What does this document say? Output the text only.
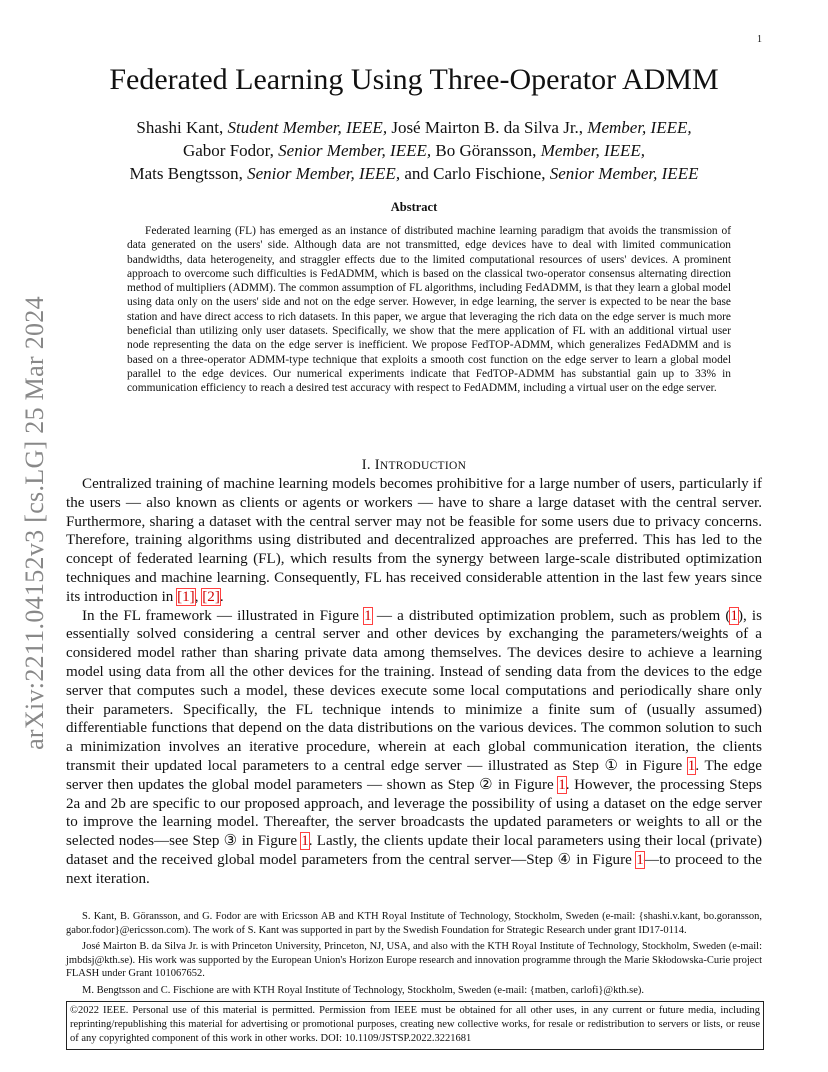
1
arXiv:2211.04152v3 [cs.LG] 25 Mar 2024
Federated Learning Using Three-Operator ADMM
Shashi Kant, Student Member, IEEE, José Mairton B. da Silva Jr., Member, IEEE,
Gabor Fodor, Senior Member, IEEE, Bo Göransson, Member, IEEE,
Mats Bengtsson, Senior Member, IEEE, and Carlo Fischione, Senior Member, IEEE
Abstract

Federated learning (FL) has emerged as an instance of distributed machine learning paradigm that avoids the transmission of data generated on the users' side. Although data are not transmitted, edge devices have to deal with limited communication bandwidths, data heterogeneity, and straggler effects due to the limited computational resources of users' devices. A prominent approach to overcome such difficulties is FedADMM, which is based on the classical two-operator consensus alternating direction method of multipliers (ADMM). The common assumption of FL algorithms, including FedADMM, is that they learn a global model using data only on the users' side and not on the edge server. However, in edge learning, the server is expected to be near the base station and have direct access to rich datasets. In this paper, we argue that leveraging the rich data on the edge server is much more beneficial than utilizing only user datasets. Specifically, we show that the mere application of FL with an additional virtual user node representing the data on the edge server is inefficient. We propose FedTOP-ADMM, which generalizes FedADMM and is based on a three-operator ADMM-type technique that exploits a smooth cost function on the edge server to learn a global model parallel to the edge devices. Our numerical experiments indicate that FedTOP-ADMM has substantial gain up to 33% in communication efficiency to reach a desired test accuracy with respect to FedADMM, including a virtual user on the edge server.

I. INTRODUCTION

Centralized training of machine learning models becomes prohibitive for a large number of users, particularly if the users — also known as clients or agents or workers — have to share a large dataset with the central server. Furthermore, sharing a dataset with the central server may not be feasible for some users due to privacy concerns. Therefore, training algorithms using distributed and decentralized approaches are preferred. This has led to the concept of federated learning (FL), which results from the synergy between large-scale distributed optimization techniques and machine learning. Consequently, FL has received considerable attention in the last few years since its introduction in [1], [2].

In the FL framework — illustrated in Figure 1 — a distributed optimization problem, such as problem (1), is essentially solved considering a central server and other devices by exchanging the parameters/weights of a considered model rather than sharing private data among themselves. The devices desire to achieve a learning model using data from all the other devices for the training. Instead of sending data from the devices to the edge server that computes such a model, these devices execute some local computations and periodically share only their parameters. Specifically, the FL technique intends to minimize a finite sum of (usually assumed) differentiable functions that depend on the data distributions on the various devices. The common solution to such a minimization involves an iterative procedure, wherein at each global communication iteration, the clients transmit their updated local parameters to a central edge server — illustrated as Step ① in Figure 1. The edge server then updates the global model parameters — shown as Step ② in Figure 1. However, the processing Steps 2a and 2b are specific to our proposed approach, and leverage the possibility of using a dataset on the edge server to improve the learning model. Thereafter, the server broadcasts the updated parameters or weights to all or the selected nodes—see Step ③ in Figure 1. Lastly, the clients update their local parameters using their local (private) dataset and the received global model parameters from the central server—Step ④ in Figure 1—to proceed to the next iteration.

S. Kant, B. Göransson, and G. Fodor are with Ericsson AB and KTH Royal Institute of Technology, Stockholm, Sweden (e-mail: {shashi.v.kant, bo.goransson, gabor.fodor}@ericsson.com). The work of S. Kant was supported in part by the Swedish Foundation for Strategic Research under grant ID17-0114.

José Mairton B. da Silva Jr. is with Princeton University, Princeton, NJ, USA, and also with the KTH Royal Institute of Technology, Stockholm, Sweden (e-mail: jmbdsj@kth.se). His work was supported by the European Union's Horizon Europe research and innovation programme through the Marie Skłodowska-Curie project FLASH under Grant 101067652.

M. Bengtsson and C. Fischione are with KTH Royal Institute of Technology, Stockholm, Sweden (e-mail: {matben, carlofi}@kth.se).

©2022 IEEE. Personal use of this material is permitted. Permission from IEEE must be obtained for all other uses, in any current or future media, including reprinting/republishing this material for advertising or promotional purposes, creating new collective works, for resale or redistribution to servers or lists, or reuse of any copyrighted component of this work in other works. DOI: 10.1109/JSTSP.2022.3221681
